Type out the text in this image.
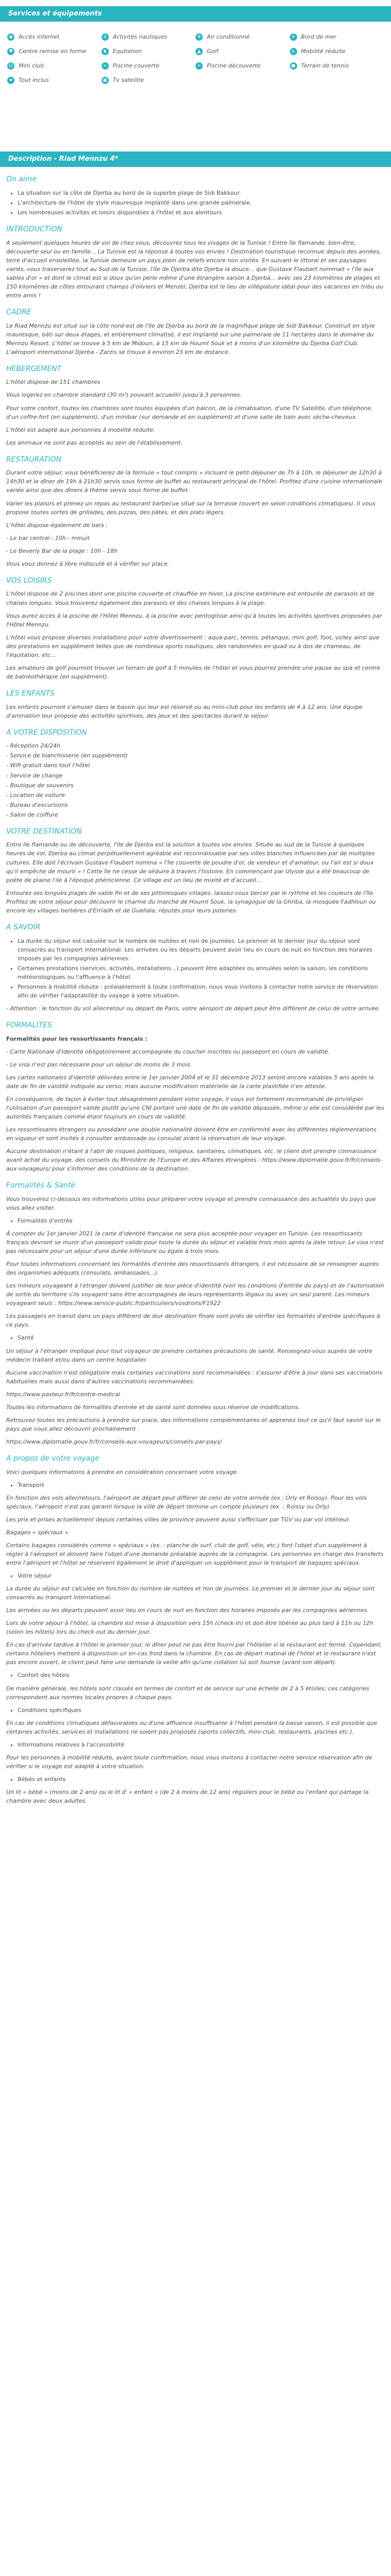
Services et équipements
◉ Accès internet	⚓ Activités nautiques	❄ Air conditionné	☀ Bord de mer
♥ Centre remise en forme	♞ Equitation	▲	Golf	♿ Mobilité réduite
☺ Mini club	≈ Piscine couverte	≈ Piscine découverte	● Terrain de tennis
★ Tout inclus	▣ Tv satellite
Description - Riad Mennzu 4*
On aime
• La situation sur la côte de Djerba au bord de la superbe plage de Sidi Bakkour.
• L'architecture de l'hôtel de style mauresque implanté dans une grande palmeraie.
• Les nombreuses activités et loisirs disponibles à l'hôtel et aux alentours
INTRODUCTION

A seulement quelques heures de vol de chez vous, découvrez tous les visages de la Tunisie ! Entre île flamande, bien-être, découverte seul ou en famille... La Tunisie est la réponse à toutes vos envies ! Destination touristique reconnue depuis des années, terre d'accueil ensoleillée, la Tunisie demeure un pays plein de reliefs encore non visités. En suivant le littoral et ses paysages variés, vous traverserez tout au Sud de la Tunisie, l'île de Djerba dite Djerba la douce... que Gustave Flaubert nommait « l'île aux sables d'or » et dont le climat est si doux qu'on perle même d'une étrangère saison à Djerba... avec ses 23 kilomètres de plages et 150 kilomètres de côtes entourant champs d'oliviers et Menzel, Djerba est le lieu de villégiature idéal pour des vacances en tribu ou entre amis !

CADRE

Le Riad Mennzu est situé sur la côte nord-est de l'île de Djerba au bord de la magnifique plage de Sidi Bakkour. Construit en style mauresque, bâti sur deux étages, et entièrement climatisé, il est implanté sur une palmeraie de 11 hectares dans le domaine du Mennzu Resort. L'hôtel se trouve à 5 km de Midoun, à 15 km de Houmt Souk et à moins d'un kilomètre du Djerba Golf Club. L'aéroport international Djerba - Zarzis se trouve à environ 23 km de distance.

HEBERGEMENT

L'hôtel dispose de 151 chambres

Vous logerez en chambre standard (30 m²) pouvant accueillir jusqu'à 3 personnes.

Pour votre confort, toutes les chambres sont toutes équipées d'un balcon, de la climatisation, d'une TV Satellite, d'un téléphone, d'un coffre-fort (en supplément), d'un minibar (sur demande et en supplément) et d'une salle de bain avec sèche-cheveux.

L'hôtel est adapté aux personnes à mobilité réduite.

Les animaux ne sont pas acceptés au sein de l'établissement.

RESTAURATION

Durant votre séjour, vous bénéficierez de la formule « tout compris » incluant le petit-déjeuner de 7h à 10h, le déjeuner de 12h30 à 14h30 et le dîner de 19h à 21h30 servis sous forme de buffet au restaurant principal de l'hôtel. Profitez d'une cuisine internationale variée ainsi que des dîners à thème servis sous forme de buffet.

Varier les plaisirs et prenez un repas au restaurant barbecue situé sur la terrasse (ouvert en selon conditions climatiques). Il vous propose toutes sortes de grillades, des pizzas, des pâtes, et des plats légers.

L'hôtel dispose également de bars :

- Le bar central : 10h - minuit

- Le Beverly Bar de la plage : 10h - 18h

Vous vous donnez à libre indiscuté et à vérifier sur place.

VOS LOISIRS

L'hôtel dispose de 2 piscines dont une piscine couverte et chauffée en hiver. La piscine extérieure est entourée de parasols et de chaises longues. Vous trouverez également des parasols et des chaises longues à la plage.

Vous aurez accès à la piscine de l'Hôtel Mennzu, à la piscine avec pentoglisse ainsi qu'à toutes les activités sportives proposées par l'Hôtel Mennzu.

L'hôtel vous propose diverses installations pour votre divertissement : aqua-parc, tennis, pétanque, mini golf, foot, volley ainsi que des prestations en supplément telles que de nombreux sports nautiques, des randonnées en quad ou à dos de chameau, de l'équitation, etc...

Les amateurs de golf pourront trouver un terrain de golf à 5 minutes de l'hôtel et vous pourrez prendre une pause au spa et centre de balnéothérapie (en supplément).

LES ENFANTS

Les enfants pourront s'amuser dans le bassin qui leur est réservé ou au mini-club pour les enfants de 4 à 12 ans. Une équipe d'animation leur propose des activités sportives, des jeux et des spectacles durant le séjour.

A VOTRE DISPOSITION
- Réception 24/24h
- Service de blanchisserie (en supplément)
- Wifi gratuit dans tout l'hôtel
- Service de change
- Boutique de souvenirs
- Location de voiture
- Bureau d'excursions
- Salon de coiffure
VOTRE DESTINATION

Entre île flamande ou de découverte, l'île de Djerba est la solution à toutes vos envies. Située au sud de la Tunisie à quelques heures de vol, Djerba au climat perpétuellement agréable est reconnaissable par ses villes blanches influencées par de multiples cultures. Elle doit l'écrivain Gustave Flaubert nomma « l'île couverte de poudre d'or, de vendeur et d'amateur, ou l'air est si doux qu'il empêche de mourir » ! Cette île ne cesse de séduire à travers l'histoire. En commençant par Ulysse qui a été beaucoup de poète de plaine l'ile à l'époque phénicienne. Ce village est un lieu de mixité et d'accueil...

Entourez ses longues plages de sable fin et de ses pittoresques villages, laissez-vous bercer par le rythme et les couleurs de l'île. Profitez de votre séjour pour découvrir le charme du marché de Houmt Souk, la synagogue de la Ghriba, la mosquée Fadhloun ou encore les villages berbères d'Erriadh et de Guellala, réputés pour leurs poteries.

A SAVOIR
• La durée du séjour est calculée sur le nombre de nuitées et non de journées. Le premier et le dernier jour du séjour sont consacrés au transport international. Les arrivées ou les départs peuvent avoir lieu en cours de nuit en fonction des horaires imposés par les compagnies aériennes.
• Certaines prestations (services, activités, installations...) peuvent être adaptées ou annulées selon la saison, les conditions météorologiques ou l'affluence à l'hôtel.
• Personnes à mobilité réduite : préalablement à toute confirmation, nous vous invitons à contacter notre service de réservation afin de vérifier l'adaptabilité du voyage à votre situation.

- Attention : le fonction du vol aller/retour ou départ de Paris, votre aéroport de départ peut être différent de celui de votre arrivée.

FORMALITES

Formalités pour les ressortissants français :

- Carte Nationale d'Identité obligatoirement accompagnée du coucher inscrites ou passeport en cours de validité.

- Le visa n'est pas nécessaire pour un séjour de moins de 3 mois.

Les cartes nationales d'identité délivrées entre le 1er janvier 2004 et le 31 décembre 2013 seront encore valables 5 ans après la date de fin de validité indiquée au verso, mais aucune modification matérielle de la carte plastifiée n'en atteste.

En conséquence, de façon à éviter tout désagrément pendant votre voyage, il vous est fortement recommandé de privilégier l'utilisation d'un passeport valide plutôt qu'une CNI portant une date de fin de validité dépassée, même si elle est considérée par les autorités françaises comme étant toujours en cours de validité.

Les ressortissants étrangers ou possédant une double nationalité doivent être en conformité avec les différentes réglementations en vigueur et sont invités à consulter ambassade ou consulat avant la réservation de leur voyage.

Aucune destination n'étant à l'abri de risques politiques, religieux, sanitaires, climatiques, etc. le client doit prendre connaissance avant achat du voyage, des conseils du Ministère de l'Europe et des Affaires étrangères : https://www.diplomatie.gouv.fr/fr/conseils-aux-voyageurs/ pour s'informer des conditions de la destination.

Formalités & Santé

Vous trouverez ci-dessous les informations utiles pour préparer votre voyage et prendre connaissance des actualités du pays que vous allez visiter.

• Formalités d'entrée

À compter du 1er janvier 2021 la carte d'identité française ne sera plus acceptée pour voyager en Tunisie. Les ressortissants français devront se munir d'un passeport valide pour toute la durée du séjour et valable trois mois après la date retour. Le visa n'est pas nécessaire pour un séjour d'une durée inférieure ou égale à trois mois.

Pour toutes informations concernant les formalités d'entrée des ressortissants étrangers, il est nécessaire de se renseigner auprès des organismes adéquats (consulats, ambassades...).

Les mineurs voyageant à l'étranger doivent justifier de leur pièce d'identité (voir les conditions d'entrée du pays) et de l'autorisation de sortie du territoire s'ils voyagent sans être accompagnés de leurs représentants légaux ou avec un seul parent. Les mineurs voyageant seuls : https://www.service-public.fr/particuliers/vosdroits/F1922

Les passagers en transit dans un pays différent de leur destination finale sont priés de vérifier les formalités d'entrée spécifiques à ce pays.

• Santé

Un séjour à l'étranger implique pour tout voyageur de prendre certaines précautions de santé. Renseignez-vous auprès de votre médecin traitant et/ou dans un centre hospitalier.

Aucune vaccination n'est obligatoire mais certaines vaccinations sont recommandées : s'assurer d'être à jour dans ses vaccinations habituelles mais aussi dans d'autres vaccinations recommandées.

https://www.pasteur.fr/fr/centre-medical

Toutes les informations de formalités d'entrée et de santé sont données sous réserve de modifications.

Retrouvez toutes les précautions à prendre sur place, des informations complémentaires et apprenez tout ce qu'il faut savoir sur le pays que vous allez découvrir prochainement :

https://www.diplomatie.gouv.fr/fr/conseils-aux-voyageurs/conseils-par-pays/

A propos de votre voyage

Voici quelques informations à prendre en considération concernant votre voyage.

• Transport

En fonction des vols aller/retours, l'aéroport de départ peut différer de celui de votre arrivée (ex : Orly et Roissy). Pour les vols spéciaux, l'aéroport n'est pas garanti lorsque la ville de départ termine un compte plusieurs (ex. : Roissy ou Orly).

Les prix et prises actuellement depuis certaines villes de province peuvent aussi s'effectuer par TGV ou par vol intérieur.

Bagages « spéciaux »

Certains bagages considérés comme « spéciaux » (ex. : planche de surf, club de golf, vélo, etc.) font l'objet d'un supplément à régler à l'aéroport et doivent faire l'objet d'une demande préalable auprès de la compagnie. Les personnes en charge des transferts entre l'aéroport et l'hôtel se réservent également le droit d'appliquer un supplément pour le transport de bagages spéciaux.

• Votre séjour

La durée du séjour est calculée en fonction du nombre de nuitées et non de journées. Le premier et le dernier jour du séjour sont consacrés au transport international.

Les arrivées ou les départs peuvent avoir lieu en cours de nuit en fonction des horaires imposés par les compagnies aériennes.

Lors de votre séjour à l'hôtel, la chambre est mise à disposition vers 15h (check-in) et doit être libérée au plus tard à 11h ou 12h (selon les hôtels) lors du check-out du dernier jour.

En cas d'arrivée tardive à l'hôtel le premier jour, le dîner peut ne pas être fourni par l'hôtelier si le restaurant est fermé. Cependant, certains hôteliers mettent à disposition un en-cas froid dans la chambre. En cas de départ matinal de l'hôtel et le restaurant n'est pas encore ouvert, le client peut faire une demande la veille afin qu'une collation lui soit fournie (avant son départ).

• Confort des hôtels

De manière générale, les hôtels sont classés en termes de confort et de service sur une échelle de 2 à 5 étoiles; ces catégories correspondent aux normes locales propres à chaque pays.

• Conditions spécifiques

En cas de conditions climatiques défavorables ou d'une affluence insuffisante à l'hôtel pendant la basse saison, il est possible que certaines activités, services et installations ne soient pas proposés (sports collectifs, mini-club, restaurants, piscines etc.).

• Informations relatives à l'accessibilité

Pour les personnes à mobilité réduite, avant toute confirmation, nous vous invitons à contacter notre service réservation afin de vérifier si le voyage est adapté à votre situation.

• Bébés et enfants

Un lit « bébé » (moins de 2 ans) ou le lit d' « enfant » (de 2 à moins de 12 ans) réguliers pour le bébé ou l'enfant qui partage la chambre avec deux adultes.
